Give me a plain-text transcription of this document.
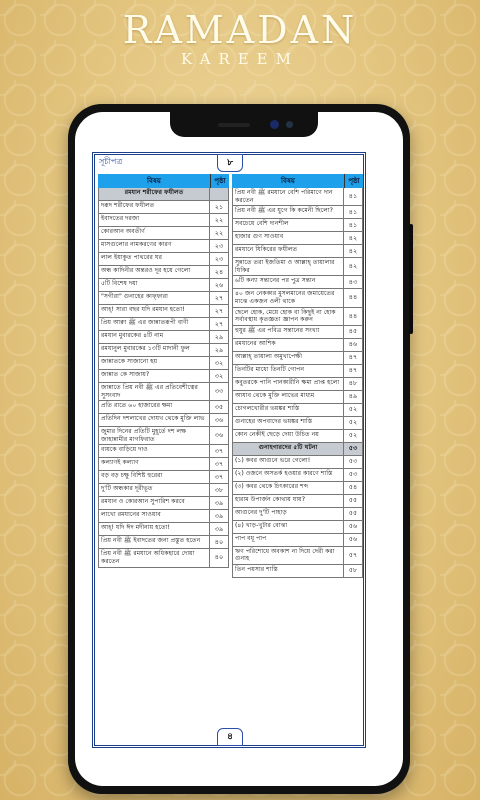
RAMADAN
KAREEM
সূচীপত্র	৮
বিষয়	পৃষ্ঠা
রমযান শরীফের ফযীলত
দরূদ শরীফের ফযীলত	২১
ইবাদতের দরজা	২২
কোরআন অবতীর্ণ	২২
মাসগুলোর নামকরণের কারণ	২৩
লাল ইয়াকুত পাথরের ঘর	২৩
অন্ধ কাদিনীর অন্তরও দূর হয়ে গেলো	২৪
৫টি বিশেষ দয়া	২৬
"সগীরা" গুনাহের কাফ্ফারা	২৭
আহ্! সারা বছর যদি রমযান হতো!	২৭
প্রিয় আক্বা ﷺ এর জান্নাতরূপী বাণী	২৭
রমযান মুবারকের ৪টি নাম	২৯
রমযানুল মুবারকের ১৩টি মাদানী ফুল	২৯
জান্নাতকে সাজানো হয়	৩২
জান্নাত কে সাজায়?	৩২
জান্নাতে প্রিয় নবী ﷺ এর প্রতিবেশীত্বের সুসংবাদ	৩৩
প্রতি রাতে ৬০ হাজারের ক্ষমা	৩৫
প্রতিদিন দশলাখের দোযখ থেকে মুক্তি লাভ	৩৬
জুমার দিনের প্রতিটি মুহূর্তে দশ লক্ষ জাহান্নামীর মাগফিরাত	৩৬
ব্যয়কে বাড়িয়ে দাও	৩৭
কল্যাণই কল্যাণ	৩৭
বড় বড় চক্ষু বিশিষ্ট হুরেরা	৩৭
দু'টি অন্ধকার দূরীভূত	৩৮
রমযান ও কোরআন সুপারিশ করবে	৩৯
লাখো রমযানের সাওয়াব	৩৯
আহ্! যদি ঈদ মদীনায় হতো!	৩৯
প্রিয় নবী ﷺ ইবাদতের জন্য প্রস্তুত হতেন	৪০
প্রিয় নবী ﷺ রমযানে অধিকহারে দোয়া করতেন	৪০
বিষয়	পৃষ্ঠা
প্রিয় নবী ﷺ রমযানে বেশি পরিমাণে দান করতেন	৪১
প্রিয় নবী ﷺ এর যুগে কি কমেনী ছিলো?	৪১
সবচেয়ে বেশি দানশীল	৪১
হাজার গুণ সাওয়াব	৪২
রমযানে যিকিরের ফযীলত	৪২
সুন্নাতে তরা ইজতিমা ও আল্লাহ্ তায়ালার যিকির	৪২
৬টি কন্যা সন্তানের পর পুত্র সন্তান	৪৩
৪০ জন নেককার মুসলমানের জমায়েতের মাঝে একজন ওলী থাকে	৪৪
ছেলে হোক, মেয়ে হোক বা কিছুই না হোক সর্বাবস্থায় কৃতজ্ঞতা জ্ঞাপন করুন	৪৪
হুযুর ﷺ এর পবিত্র সন্তানের সংখ্যা	৪৫
রমযানের আশিক	৪৬
আল্লাহ্ তায়ালা অমুখাপেক্ষী	৪৭
তিনটির মাধ্যে তিনটি গোপন	৪৭
কবুতরকে পানি পানকারীনি ক্ষমা প্রাপ্ত হলো	৪৮
আযাব থেকে মুক্তি লাভের মাধ্যম	৪৯
চোগলখোরীর ভয়ঙ্কর শাস্তি	৫২
গুনাহের অপবাদের ভয়ঙ্কর শাস্তি	৫২
কোন নেকীই ছেড়ে দেয়া উচিত নয়	৫২
গুনাহগারদের ৫টি ঘটনা	৫৩
(১) কবর আগুনে ভরে গেলো!	৫৩
(২) ওজনে অসতর্ক হওয়ার কারণে শাস্তি	৫৩
(৩) কবর থেকে চিৎকারের শব্দ	৫৪
হারাম উপার্জন কোথায় যায়?	৫৫
আগুনের দু'টি পাহাড়	৫৫
(৪) খাড়-খুটার বোঝা	৫৬
পাপ বধূ পাপ	৫৬
ঋণ পরিশোধে অবকাশ না দিয়ে দেরী করা গুনাহ	৫৭
তিন পয়সার শাস্তি	৫৮
৪
